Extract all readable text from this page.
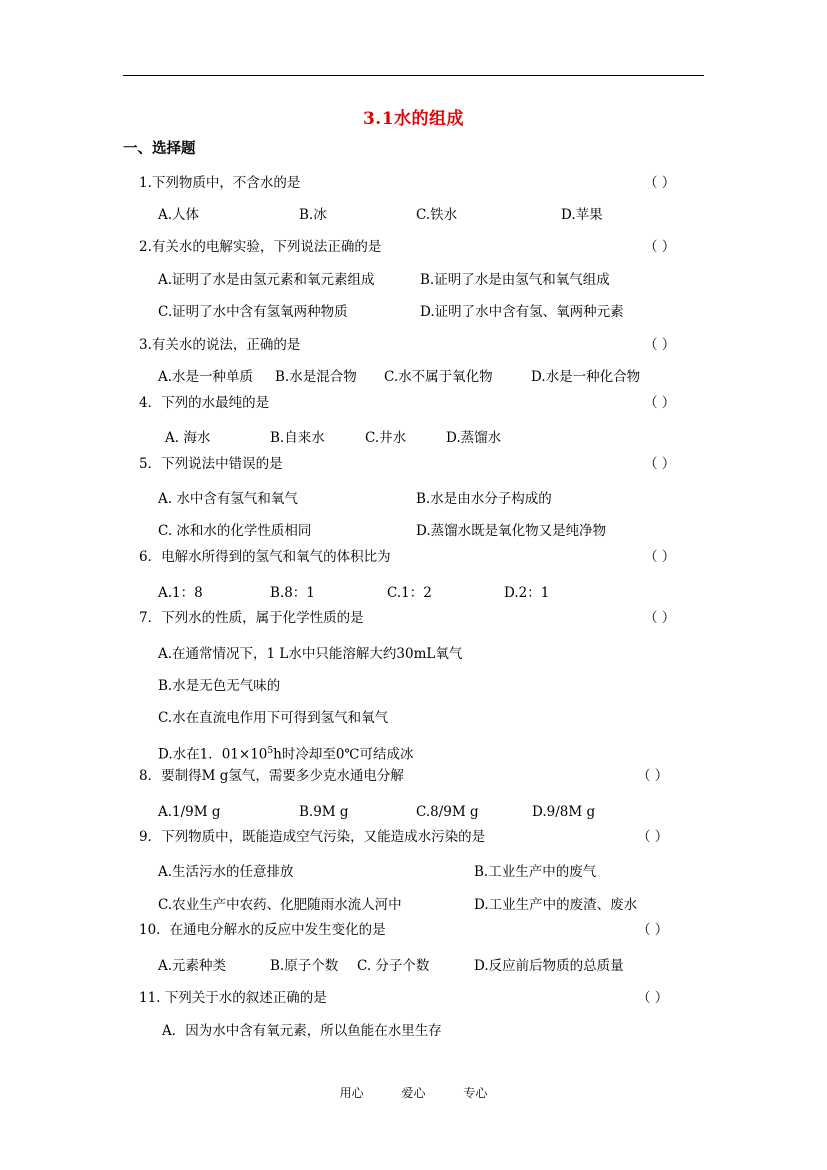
3.1水的组成
一、选择题
1.下列物质中，不含水的是	（ ）
A.人体	B.冰	C.铁水	D.苹果
2.有关水的电解实验，下列说法正确的是	（ ）
A.证明了水是由氢元素和氧元素组成	B.证明了水是由氢气和氧气组成
C.证明了水中含有氢氧两种物质	D.证明了水中含有氢、氧两种元素
3.有关水的说法，正确的是	（ ）
A.水是一种单质 B.水是混合物 C.水不属于氧化物	D.水是一种化合物
4．下列的水最纯的是	（ ）
A. 海水	B.自来水	C.井水	D.蒸馏水
5．下列说法中错误的是	（ ）
A. 水中含有氢气和氧气	B.水是由水分子构成的
C. 冰和水的化学性质相同	D.蒸馏水既是氧化物又是纯净物
6．电解水所得到的氢气和氧气的体积比为	（ ）
A.1：8	B.8：1	C.1：2	D.2：1
7．下列水的性质，属于化学性质的是	（ ）
A.在通常情况下，1 L水中只能溶解大约30mL氧气
B.水是无色无气味的
C.水在直流电作用下可得到氢气和氧气
D.水在1．$01\times 10^5h$时冷却至0℃可结成冰
8．要制得M g氢气，需要多少克水通电分解	（ ）
A.1/9M g	B.9M g	C.8/9M g	D.9/8M g
9．下列物质中，既能造成空气污染，又能造成水污染的是	（ ）
A.生活污水的任意排放	B.工业生产中的废气
C.农业生产中农药、化肥随雨水流人河中	D.工业生产中的废渣、废水
10．在通电分解水的反应中发生变化的是	（ ）
A.元素种类	B.原子个数 C. 分子个数	D.反应前后物质的总质量
11. 下列关于水的叙述正确的是	（ ）
A．因为水中含有氧元素，所以鱼能在水里生存
用心	爱心	专心
